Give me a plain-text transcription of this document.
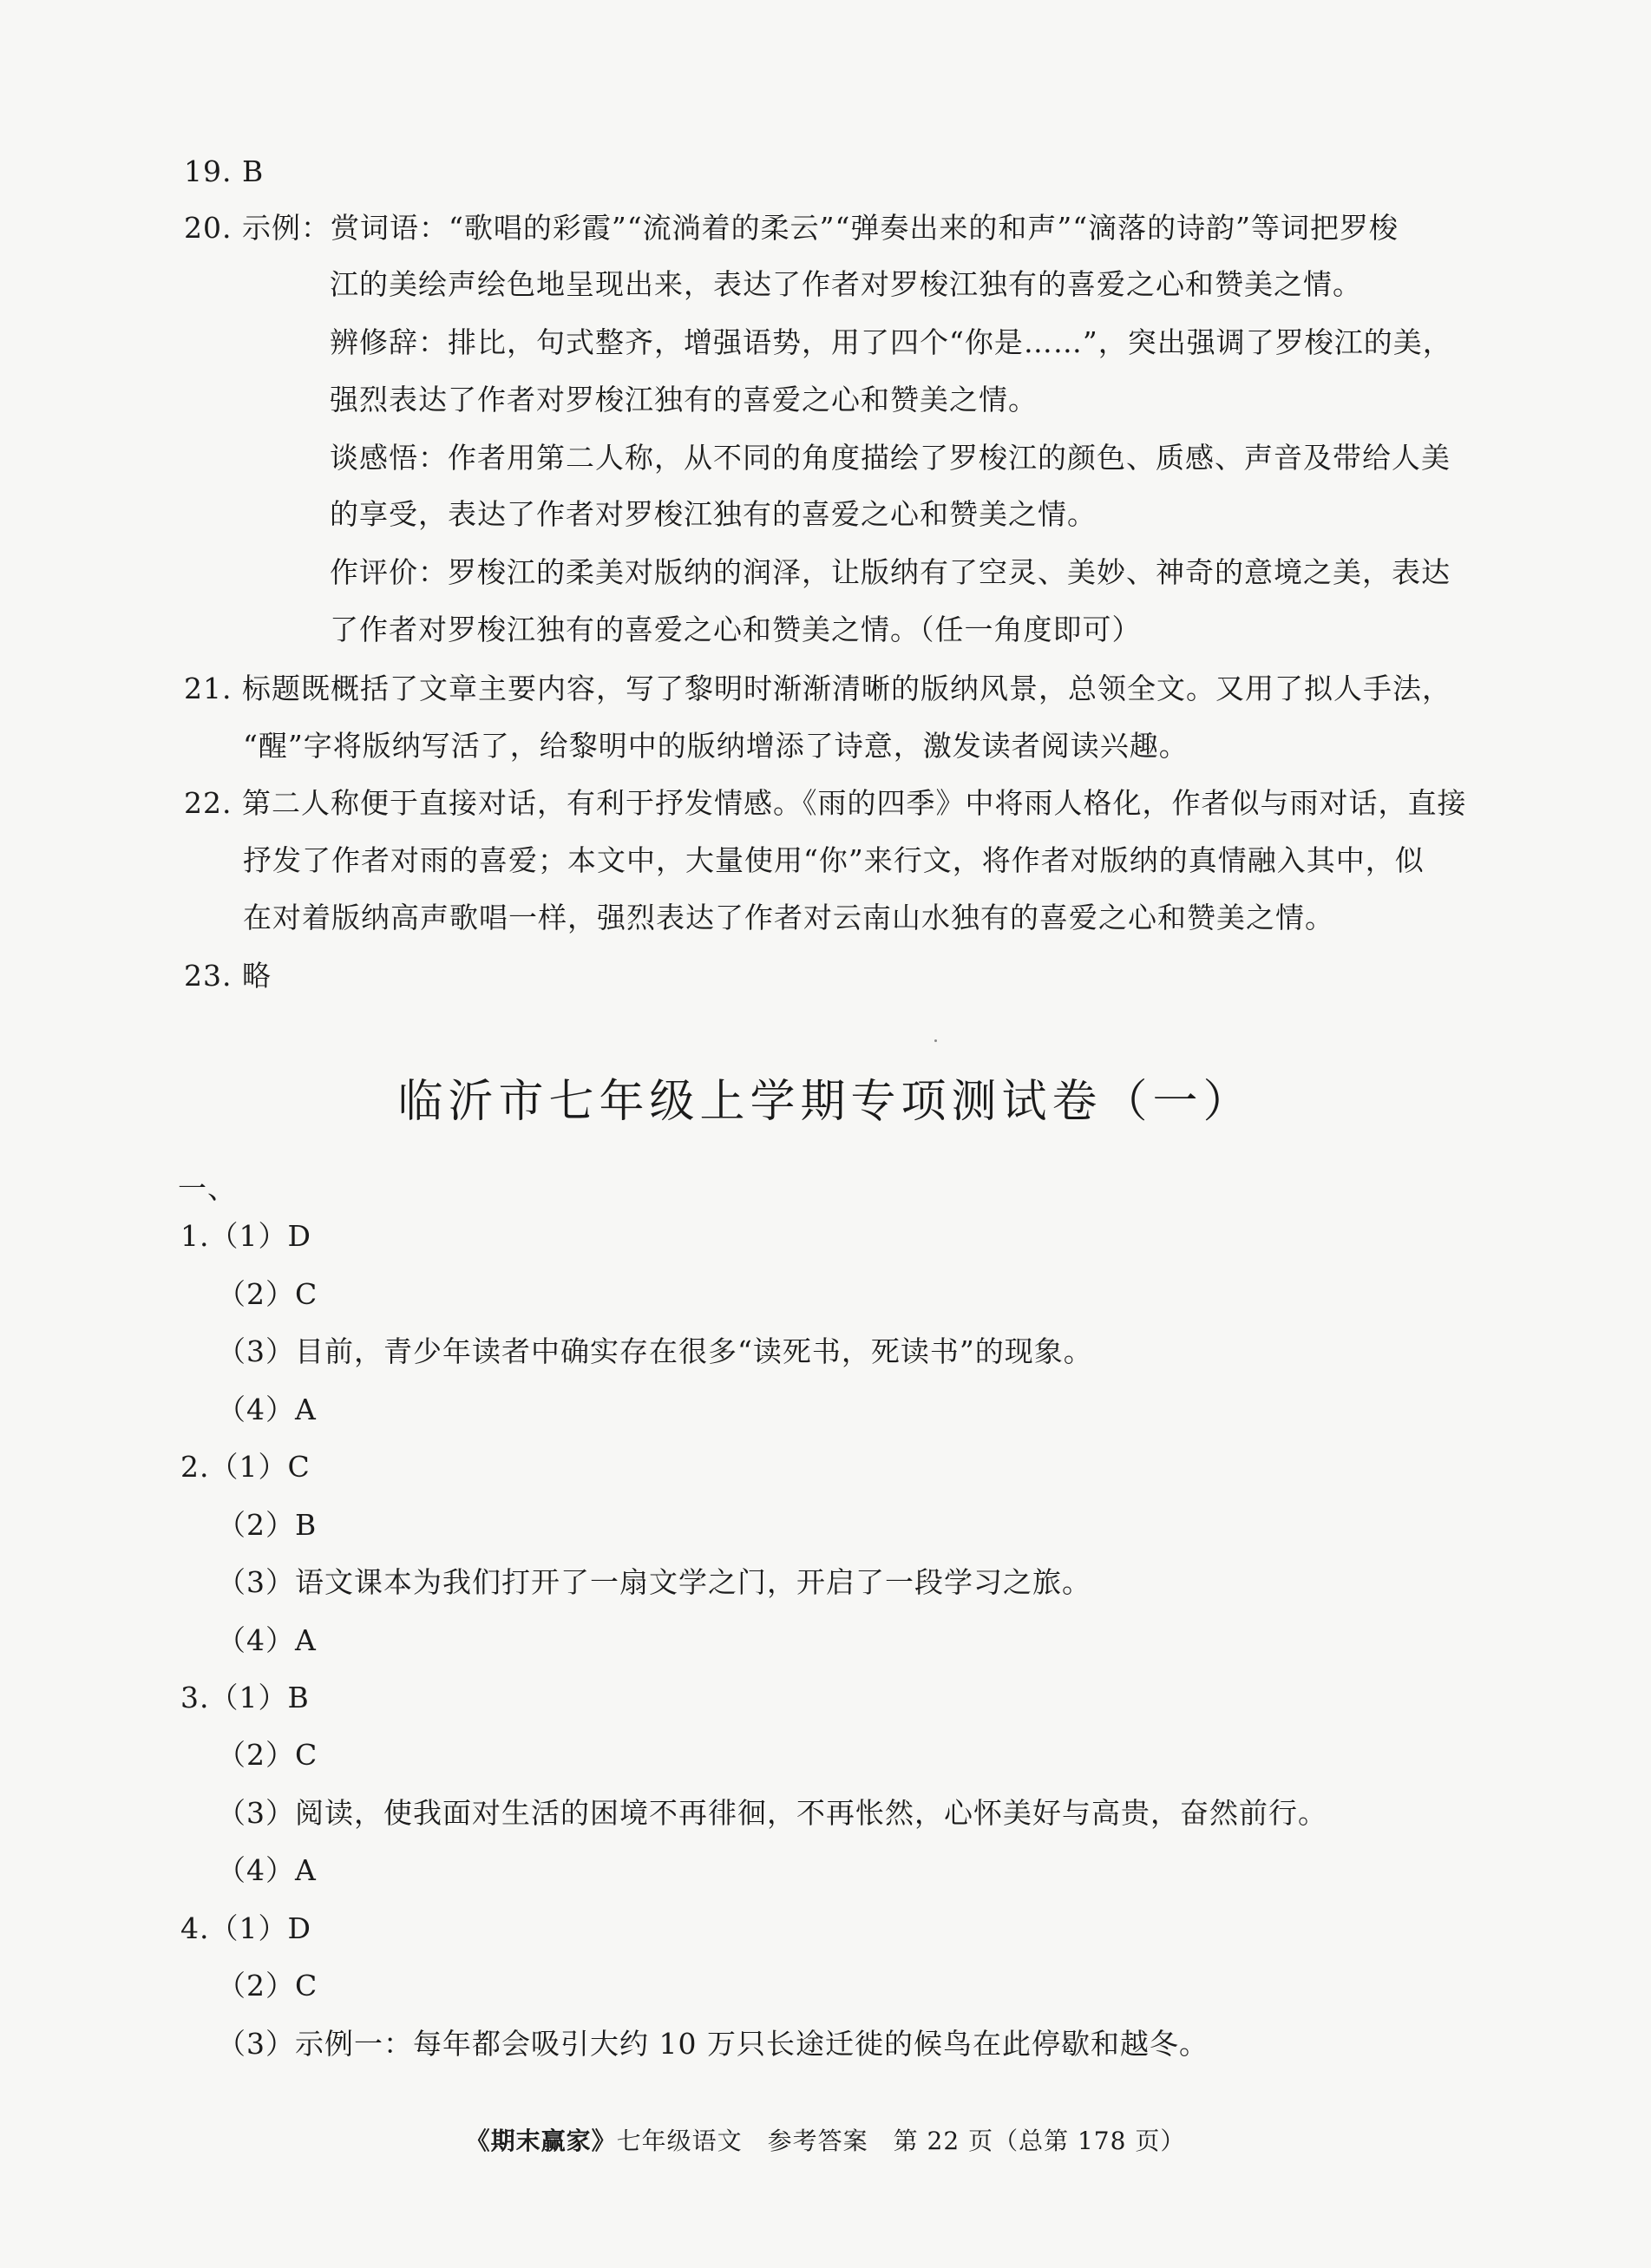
19. B
20. 示例：赏词语：“歌唱的彩霞”“流淌着的柔云”“弹奏出来的和声”“滴落的诗韵”等词把罗梭
江的美绘声绘色地呈现出来，表达了作者对罗梭江独有的喜爱之心和赞美之情。
辨修辞：排比，句式整齐，增强语势，用了四个“你是……”，突出强调了罗梭江的美，
强烈表达了作者对罗梭江独有的喜爱之心和赞美之情。
谈感悟：作者用第二人称，从不同的角度描绘了罗梭江的颜色、质感、声音及带给人美
的享受，表达了作者对罗梭江独有的喜爱之心和赞美之情。
作评价：罗梭江的柔美对版纳的润泽，让版纳有了空灵、美妙、神奇的意境之美，表达
了作者对罗梭江独有的喜爱之心和赞美之情。（任一角度即可）
21. 标题既概括了文章主要内容，写了黎明时渐渐清晰的版纳风景，总领全文。又用了拟人手法，
“醒”字将版纳写活了，给黎明中的版纳增添了诗意，激发读者阅读兴趣。
22. 第二人称便于直接对话，有利于抒发情感。《雨的四季》中将雨人格化，作者似与雨对话，直接
抒发了作者对雨的喜爱；本文中，大量使用“你”来行文，将作者对版纳的真情融入其中，似
在对着版纳高声歌唱一样，强烈表达了作者对云南山水独有的喜爱之心和赞美之情。
23. 略
临沂市七年级上学期专项测试卷（一）
一、
1.（1）D
（2）C
（3）目前，青少年读者中确实存在很多“读死书，死读书”的现象。
（4）A
2.（1）C
（2）B
（3）语文课本为我们打开了一扇文学之门，开启了一段学习之旅。
（4）A
3.（1）B
（2）C
（3）阅读，使我面对生活的困境不再徘徊，不再怅然，心怀美好与高贵，奋然前行。
（4）A
4.（1）D
（2）C
（3）示例一：每年都会吸引大约 10 万只长途迁徙的候鸟在此停歇和越冬。
《期末赢家》七年级语文　参考答案　第 22 页（总第 178 页）
